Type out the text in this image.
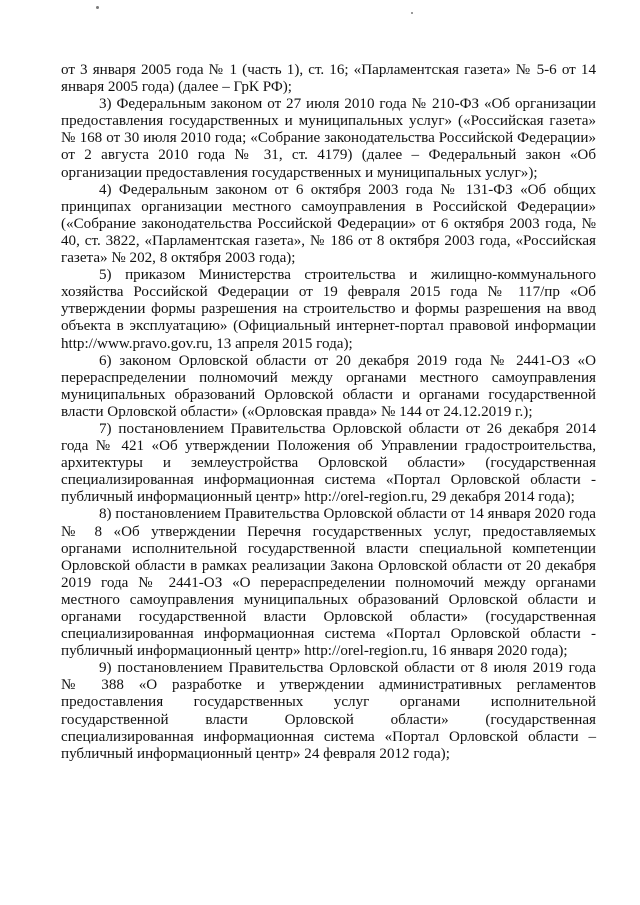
от 3 января 2005 года № 1 (часть 1), ст. 16; «Парламентская газета» № 5-6 от 14 января 2005 года) (далее – ГрК РФ);

3) Федеральным законом от 27 июля 2010 года № 210-ФЗ «Об организации предоставления государственных и муниципальных услуг» («Российская газета» № 168 от 30 июля 2010 года; «Собрание законодательства Российской Федерации» от 2 августа 2010 года № 31, ст. 4179) (далее – Федеральный закон «Об организации предоставления государственных и муниципальных услуг»);

4) Федеральным законом от 6 октября 2003 года № 131-ФЗ «Об общих принципах организации местного самоуправления в Российской Федерации» («Собрание законодательства Российской Федерации» от 6 октября 2003 года, № 40, ст. 3822, «Парламентская газета», № 186 от 8 октября 2003 года, «Российская газета» № 202, 8 октября 2003 года);

5) приказом Министерства строительства и жилищно-коммунального хозяйства Российской Федерации от 19 февраля 2015 года № 117/пр «Об утверждении формы разрешения на строительство и формы разрешения на ввод объекта в эксплуатацию» (Официальный интернет-портал правовой информации http://www.pravo.gov.ru, 13 апреля 2015 года);

6) законом Орловской области от 20 декабря 2019 года № 2441-ОЗ «О перераспределении полномочий между органами местного самоуправления муниципальных образований Орловской области и органами государственной власти Орловской области» («Орловская правда» № 144 от 24.12.2019 г.);

7) постановлением Правительства Орловской области от 26 декабря 2014 года № 421 «Об утверждении Положения об Управлении градостроительства, архитектуры и землеустройства Орловской области» (государственная специализированная информационная система «Портал Орловской области - публичный информационный центр» http://orel-region.ru, 29 декабря 2014 года);

8) постановлением Правительства Орловской области от 14 января 2020 года № 8 «Об утверждении Перечня государственных услуг, предоставляемых органами исполнительной государственной власти специальной компетенции Орловской области в рамках реализации Закона Орловской области от 20 декабря 2019 года № 2441-ОЗ «О перераспределении полномочий между органами местного самоуправления муниципальных образований Орловской области и органами государственной власти Орловской области» (государственная специализированная информационная система «Портал Орловской области - публичный информационный центр» http://orel-region.ru, 16 января 2020 года);

9) постановлением Правительства Орловской области от 8 июля 2019 года № 388 «О разработке и утверждении административных регламентов предоставления государственных услуг органами исполнительной государственной власти Орловской области» (государственная специализированная информационная система «Портал Орловской области – публичный информационный центр» 24 февраля 2012 года);
